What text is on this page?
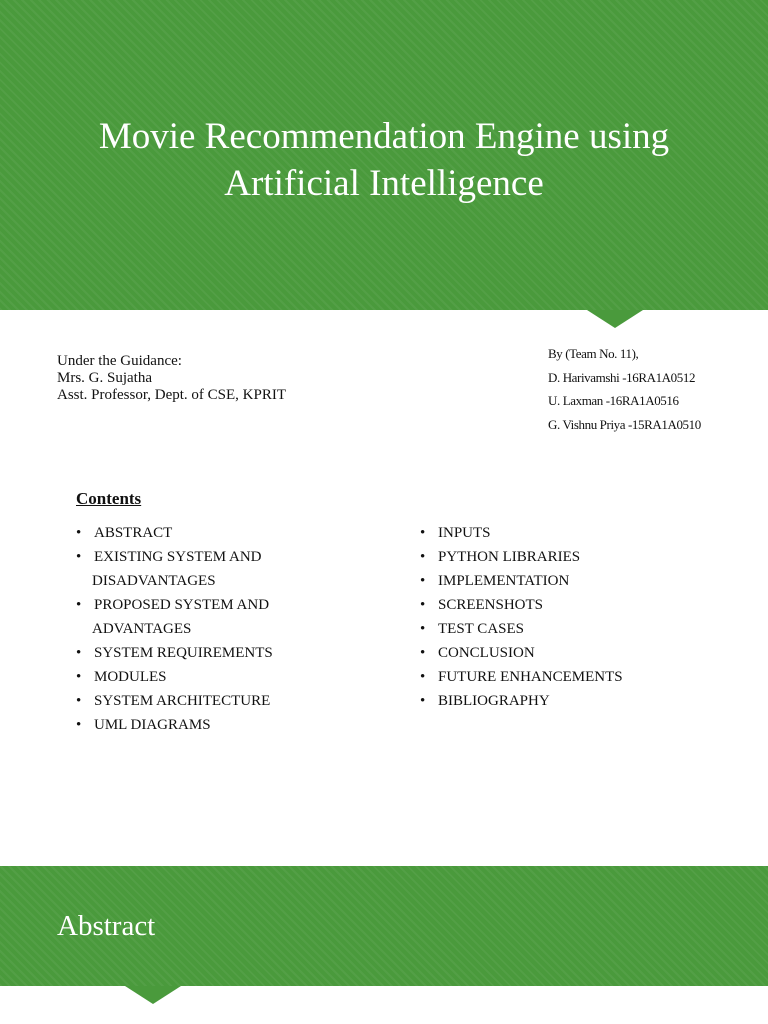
Movie Recommendation Engine using
Artificial Intelligence
Under the Guidance:
Mrs. G. Sujatha
Asst. Professor, Dept. of CSE, KPRIT
By (Team No. 11),
D. Harivamshi -16RA1A0512
U. Laxman -16RA1A0516
G. Vishnu Priya -15RA1A0510
Contents
• ABSTRACT
• EXISTING SYSTEM AND
DISADVANTAGES
• PROPOSED SYSTEM AND
ADVANTAGES
• SYSTEM REQUIREMENTS
• MODULES
• SYSTEM ARCHITECTURE
• UML DIAGRAMS
• INPUTS
• PYTHON LIBRARIES
• IMPLEMENTATION
• SCREENSHOTS
• TEST CASES
• CONCLUSION
• FUTURE ENHANCEMENTS
• BIBLIOGRAPHY
Abstract
